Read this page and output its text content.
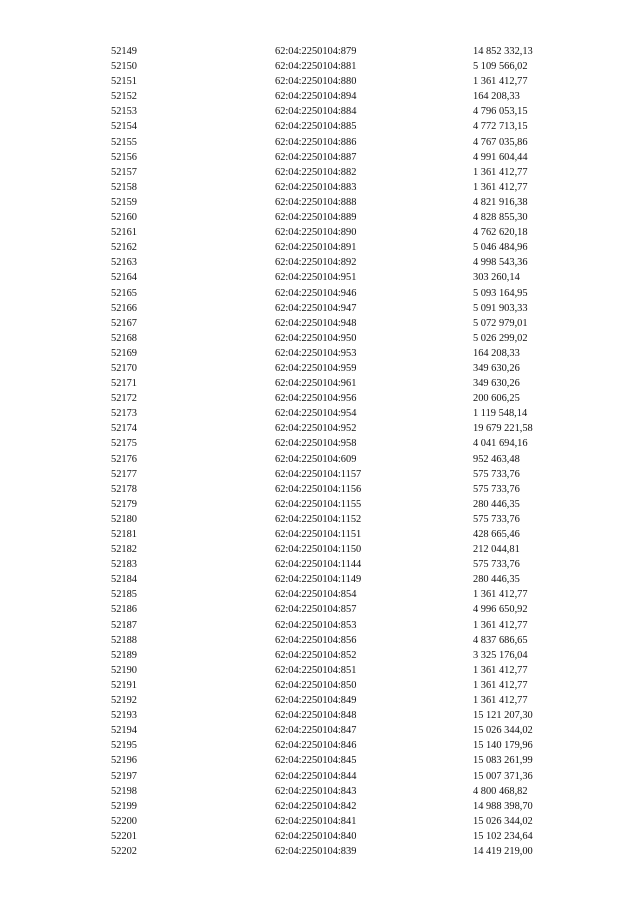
52149	62:04:2250104:879	14 852 332,13
52150	62:04:2250104:881	5 109 566,02
52151	62:04:2250104:880	1 361 412,77
52152	62:04:2250104:894	164 208,33
52153	62:04:2250104:884	4 796 053,15
52154	62:04:2250104:885	4 772 713,15
52155	62:04:2250104:886	4 767 035,86
52156	62:04:2250104:887	4 991 604,44
52157	62:04:2250104:882	1 361 412,77
52158	62:04:2250104:883	1 361 412,77
52159	62:04:2250104:888	4 821 916,38
52160	62:04:2250104:889	4 828 855,30
52161	62:04:2250104:890	4 762 620,18
52162	62:04:2250104:891	5 046 484,96
52163	62:04:2250104:892	4 998 543,36
52164	62:04:2250104:951	303 260,14
52165	62:04:2250104:946	5 093 164,95
52166	62:04:2250104:947	5 091 903,33
52167	62:04:2250104:948	5 072 979,01
52168	62:04:2250104:950	5 026 299,02
52169	62:04:2250104:953	164 208,33
52170	62:04:2250104:959	349 630,26
52171	62:04:2250104:961	349 630,26
52172	62:04:2250104:956	200 606,25
52173	62:04:2250104:954	1 119 548,14
52174	62:04:2250104:952	19 679 221,58
52175	62:04:2250104:958	4 041 694,16
52176	62:04:2250104:609	952 463,48
52177	62:04:2250104:1157	575 733,76
52178	62:04:2250104:1156	575 733,76
52179	62:04:2250104:1155	280 446,35
52180	62:04:2250104:1152	575 733,76
52181	62:04:2250104:1151	428 665,46
52182	62:04:2250104:1150	212 044,81
52183	62:04:2250104:1144	575 733,76
52184	62:04:2250104:1149	280 446,35
52185	62:04:2250104:854	1 361 412,77
52186	62:04:2250104:857	4 996 650,92
52187	62:04:2250104:853	1 361 412,77
52188	62:04:2250104:856	4 837 686,65
52189	62:04:2250104:852	3 325 176,04
52190	62:04:2250104:851	1 361 412,77
52191	62:04:2250104:850	1 361 412,77
52192	62:04:2250104:849	1 361 412,77
52193	62:04:2250104:848	15 121 207,30
52194	62:04:2250104:847	15 026 344,02
52195	62:04:2250104:846	15 140 179,96
52196	62:04:2250104:845	15 083 261,99
52197	62:04:2250104:844	15 007 371,36
52198	62:04:2250104:843	4 800 468,82
52199	62:04:2250104:842	14 988 398,70
52200	62:04:2250104:841	15 026 344,02
52201	62:04:2250104:840	15 102 234,64
52202	62:04:2250104:839	14 419 219,00
